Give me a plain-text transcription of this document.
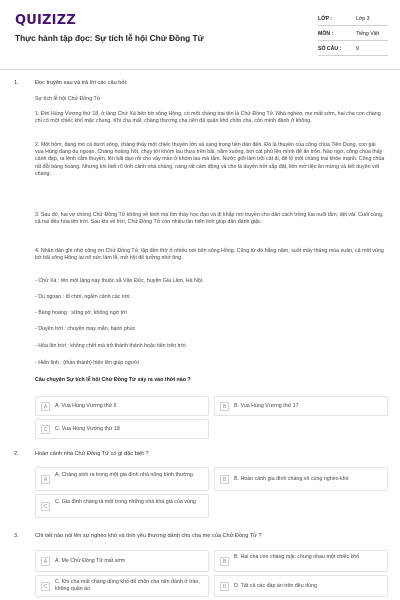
QUIZIZZ
Thực hành tập đọc: Sự tích lễ hội Chử Đồng Tử
LỚP :	Lớp 3
MÔN :	Tiếng Việt
SỐ CÂU :	9
1.	Đọc truyện sau và trả lời các câu hỏi:
Sự tích lễ hội Chử Đồng Tử
1. Đời Hùng Vương thứ 18, ở làng Chử Xá bên bờ sông Hồng, có một chàng trai tên là Chử Đồng Tử. Nhà nghèo, mẹ mất sớm, hai cha con chàng chỉ có một chiếc khố mặc chung. Khi cha mất, chàng thương cha nên đã quấn khố chôn cha, còn mình đành ở không.
2. Một hôm, đang mò cá dưới sông, chàng thấy một chiếc thuyền lớn và sang trọng tiến dần đến. Đó là thuyền của công chúa Tiên Dung, con gái vua Hùng đang du ngoạn. Chàng hoảng hốt, chạy tới khóm lau thưa trên bãi, nằm xuống, bới cát phủ lên mình để ẩn trốn. Nào ngờ, công chúa thấy cảnh đẹp, ra lệnh cắm thuyền, lên bãi dạo rồi cho vây màn ở khóm lau mà tắm. Nước giội làm trôi cát đi, để lộ một chàng trai khỏe mạnh. Công chúa rất đỗi bàng hoàng. Nhưng khi biết rõ tình cảnh nhà chàng, nàng rất cảm động và cho là duyên trời sắp đặt, liền mở tiệc ăn mừng và kết duyên với chàng.
3. Sau đó, hai vợ chồng Chử Đồng Tử không về kinh mà tìm thầy học đạo và đi khắp nơi truyền cho dân cách trồng lúa nuôi tằm, dệt vải. Cuối cùng, cả hai đều hóa lên trời. Sau khi về trời, Chử Đồng Tử còn nhiều lần hiển linh giúp dân đánh giặc.
4. Nhân dân ghi nhớ công ơn Chử Đồng Tử, lập đền thờ ở nhiều nơi bên sông Hồng. Cũng từ đó hằng năm, suốt mấy tháng mùa xuân, cả một vùng bờ bãi sông Hồng lại nô nức làm lễ, mở hội để tưởng nhớ ông.
- Chử Xá : tên một làng nay thuộc xã Văn Đức, huyện Gia Lâm, Hà Nội.
- Du ngoạn : đi chơi, ngắm cảnh các nơi.
- Bàng hoàng : sững sờ, không ngờ tới
- Duyên trời : chuyện may mắn, hạnh phúc
- Hóa lên trời : không chết mà trở thành thánh hoặc tiên trên trời.
- Hiển linh : (thần thánh) hiện lên giúp người
Câu chuyện Sự tích lễ hội Chử Đồng Tử xảy ra vào thời nào ?
A	A. Vua Hùng Vương thứ 6	B	B. Vua Hùng Vương thứ 17
C	C. Vua Hùng Vương thứ 18
2.	Hoàn cảnh nhà Chử Đồng Tử có gì đặc biệt ?
A
A. Chàng sinh ra trong một gia đình nhà nông bình thường
B	B. Hoàn cảnh gia đình chàng vô cùng nghèo khó
C
C. Gia đình chàng là một trong những nhà khá giả của vùng
3.	Chi tiết nào nói lên sự nghèo khó và tình yêu thương dành cho cha mẹ của Chử Đồng Tử ?
A	A. Mẹ Chử Đồng Tử mất sớm	B
B. Hai cha con chàng mặc chung nhau một chiếc khố
C
C. Khi cha mất chàng dùng khố để chôn cha nên đành ở trần, không quần áo	D	D. Tất cả các đáp án trên đều đúng
